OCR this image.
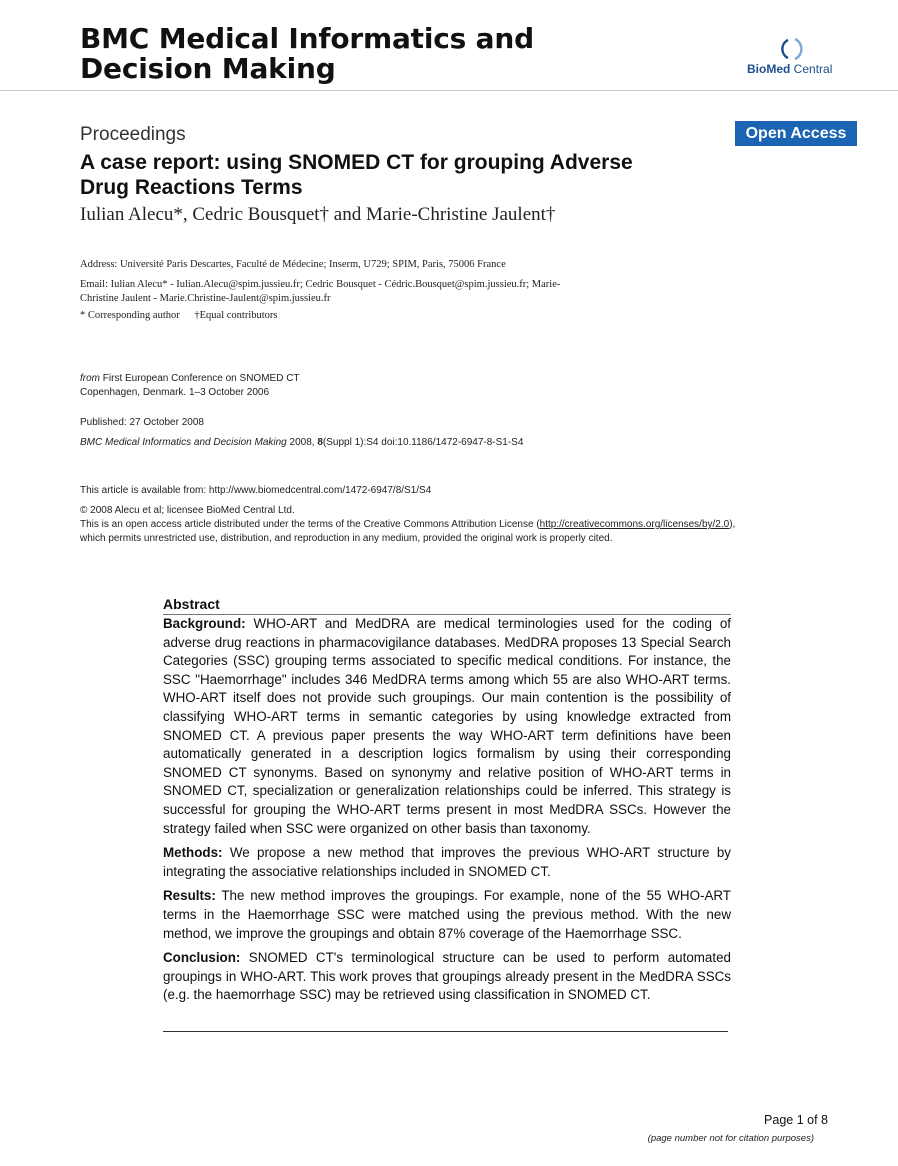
BMC Medical Informatics and
Decision Making	BioMed Central
Proceedings	Open Access
A case report: using SNOMED CT for grouping Adverse
Drug Reactions Terms
Iulian Alecu*, Cedric Bousquet† and Marie-Christine Jaulent†
Address: Université Paris Descartes, Faculté de Médecine; Inserm, U729; SPIM, Paris, 75006 France
Email: Iulian Alecu* - Iulian.Alecu@spim.jussieu.fr; Cedric Bousquet - Cédric.Bousquet@spim.jussieu.fr; Marie-
Christine Jaulent - Marie.Christine-Jaulent@spim.jussieu.fr
* Corresponding author †Equal contributors
from First European Conference on SNOMED CT
Copenhagen, Denmark. 1–3 October 2006
Published: 27 October 2008
BMC Medical Informatics and Decision Making 2008, 8(Suppl 1):S4 doi:10.1186/1472-6947-8-S1-S4
This article is available from: http://www.biomedcentral.com/1472-6947/8/S1/S4
© 2008 Alecu et al; licensee BioMed Central Ltd.
This is an open access article distributed under the terms of the Creative Commons Attribution License (http://creativecommons.org/licenses/by/2.0),
which permits unrestricted use, distribution, and reproduction in any medium, provided the original work is properly cited.
Abstract

Background: WHO-ART and MedDRA are medical terminologies used for the coding of adverse drug reactions in pharmacovigilance databases. MedDRA proposes 13 Special Search Categories (SSC) grouping terms associated to specific medical conditions. For instance, the SSC "Haemorrhage" includes 346 MedDRA terms among which 55 are also WHO-ART terms. WHO-ART itself does not provide such groupings. Our main contention is the possibility of classifying WHO-ART terms in semantic categories by using knowledge extracted from SNOMED CT. A previous paper presents the way WHO-ART term definitions have been automatically generated in a description logics formalism by using their corresponding SNOMED CT synonyms. Based on synonymy and relative position of WHO-ART terms in SNOMED CT, specialization or generalization relationships could be inferred. This strategy is successful for grouping the WHO-ART terms present in most MedDRA SSCs. However the strategy failed when SSC were organized on other basis than taxonomy.

Methods: We propose a new method that improves the previous WHO-ART structure by integrating the associative relationships included in SNOMED CT.

Results: The new method improves the groupings. For example, none of the 55 WHO-ART terms in the Haemorrhage SSC were matched using the previous method. With the new method, we improve the groupings and obtain 87% coverage of the Haemorrhage SSC.

Conclusion: SNOMED CT's terminological structure can be used to perform automated groupings in WHO-ART. This work proves that groupings already present in the MedDRA SSCs (e.g. the haemorrhage SSC) may be retrieved using classification in SNOMED CT.

Page 1 of 8
(page number not for citation purposes)
